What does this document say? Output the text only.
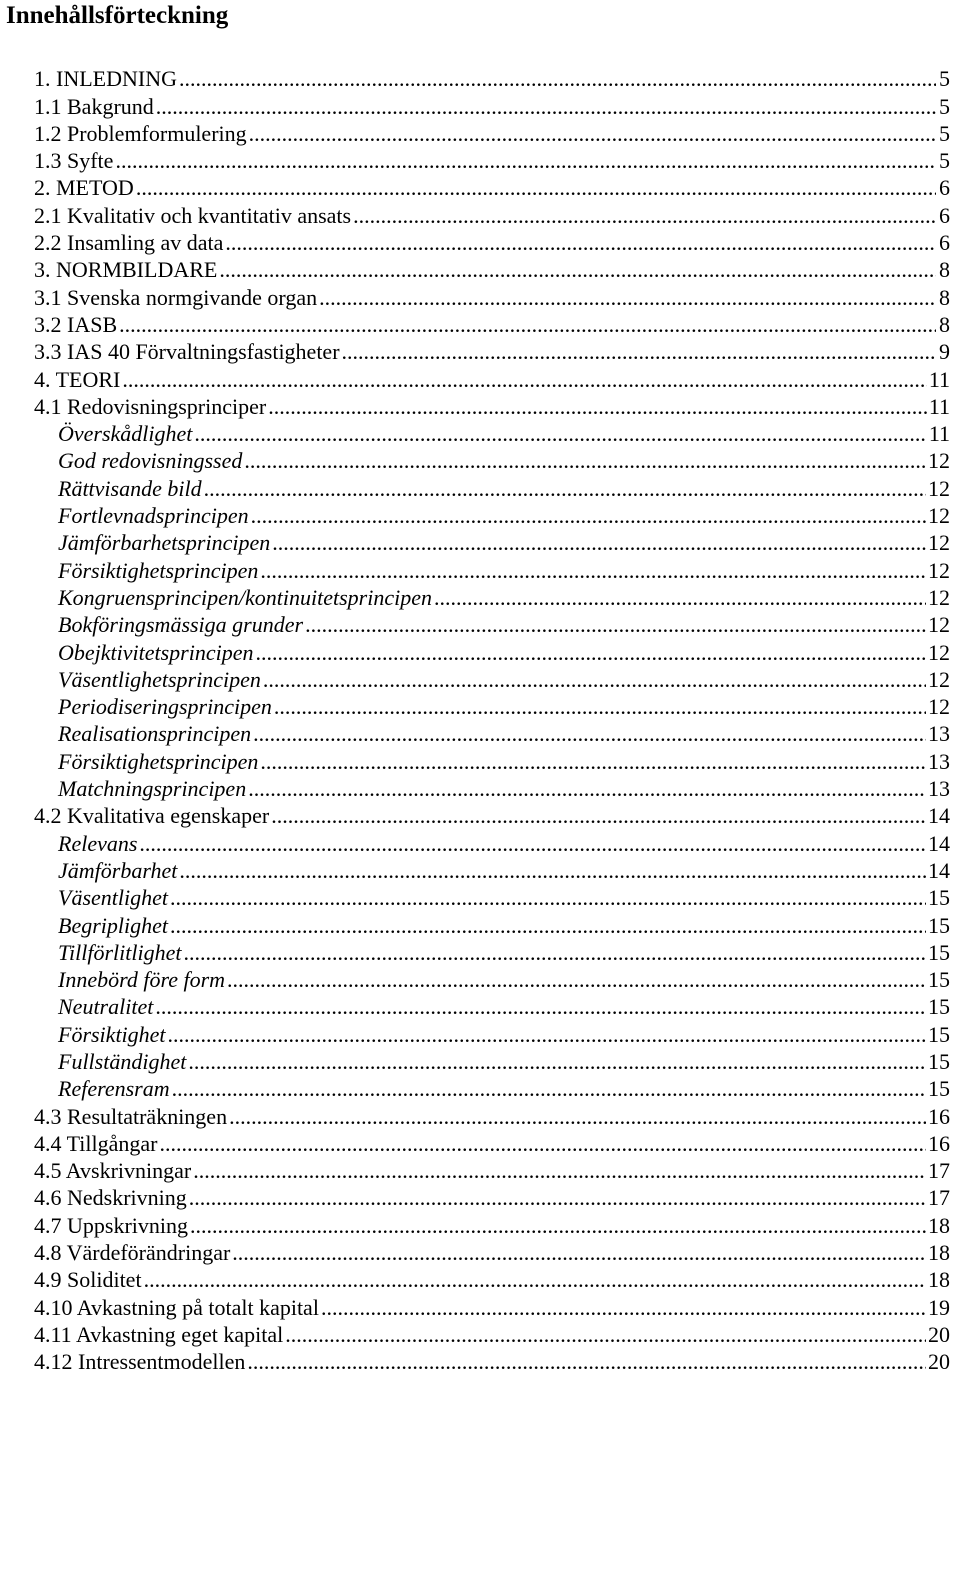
Innehållsförteckning
1. INLEDNING .....	5
1.1 Bakgrund .....	5
1.2 Problemformulering .....	5
1.3 Syfte .....	5
2. METOD .....	6
2.1 Kvalitativ och kvantitativ ansats .....	6
2.2 Insamling av data .....	6
3. NORMBILDARE .....	8
3.1 Svenska normgivande organ .....	8
3.2 IASB .....	8
3.3 IAS 40 Förvaltningsfastigheter .....	9
4. TEORI .....	11
4.1 Redovisningsprinciper .....	11
Överskådlighet .....	11
God redovisningssed .....	12
Rättvisande bild .....	12
Fortlevnadsprincipen .....	12
Jämförbarhetsprincipen .....	12
Försiktighetsprincipen .....	12
Kongruensprincipen/kontinuitetsprincipen .....	12
Bokföringsmässiga grunder .....	12
Obejktivitetsprincipen .....	12
Väsentlighetsprincipen .....	12
Periodiseringsprincipen .....	12
Realisationsprincipen .....	13
Försiktighetsprincipen .....	13
Matchningsprincipen .....	13
4.2 Kvalitativa egenskaper .....	14
Relevans .....	14
Jämförbarhet .....	14
Väsentlighet .....	15
Begriplighet .....	15
Tillförlitlighet .....	15
Innebörd före form .....	15
Neutralitet .....	15
Försiktighet .....	15
Fullständighet .....	15
Referensram .....	15
4.3 Resultaträkningen .....	16
4.4 Tillgångar .....	16
4.5 Avskrivningar .....	17
4.6 Nedskrivning .....	17
4.7 Uppskrivning .....	18
4.8 Värdeförändringar .....	18
4.9 Soliditet .....	18
4.10 Avkastning på totalt kapital .....	19
4.11 Avkastning eget kapital .....	20
4.12 Intressentmodellen .....	20
